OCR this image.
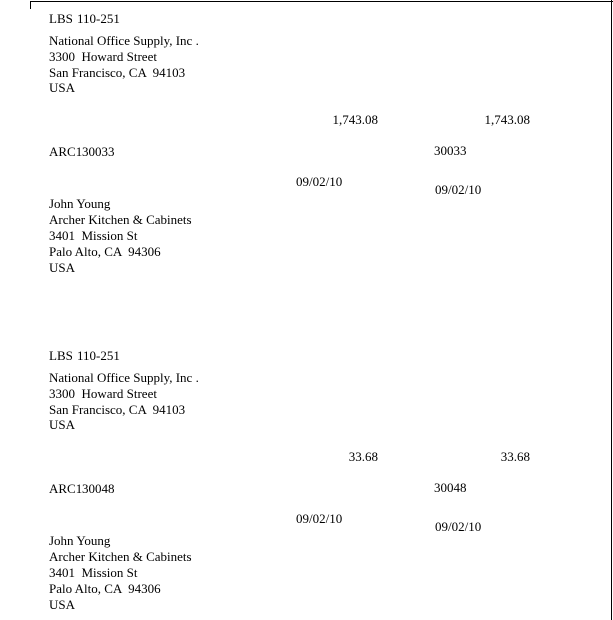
LBS 110-251
National Office Supply, Inc .
3300  Howard Street
San Francisco, CA  94103
USA
1,743.08	1,743.08
ARC1 30033	30033
09/02/10
09/02/10
John Young
Archer Kitchen & Cabinets
3401  Mission St
Palo Alto, CA  94306
USA
LBS 110-251
National Office Supply, Inc .
3300  Howard Street
San Francisco, CA  94103
USA
33.68	33.68
ARC1 30048	30048
09/02/10
09/02/10
John Young
Archer Kitchen & Cabinets
3401  Mission St
Palo Alto, CA  94306
USA
